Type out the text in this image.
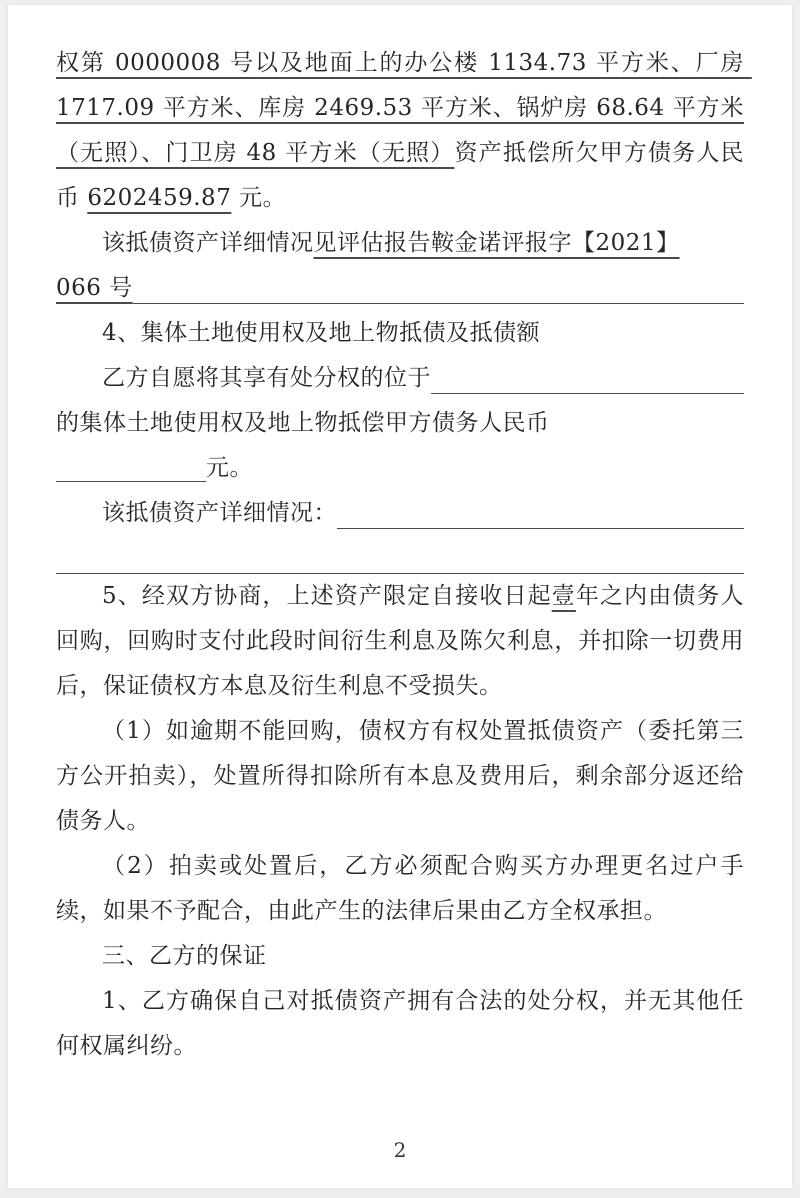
权第 0000008 号以及地面上的办公楼 1134.73 平方米、厂房 1717.09 平方米、库房 2469.53 平方米、锅炉房 68.64 平方米（无照）、门卫房 48 平方米（无照）资产抵偿所欠甲方债务人民币 6202459.87 元。
该抵债资产详细情况见评估报告鞍金诺评报字【2021】
066 号
4、集体土地使用权及地上物抵债及抵债额
乙方自愿将其享有处分权的位于
的集体土地使用权及地上物抵偿甲方债务人民币
元。
该抵债资产详细情况：
5、经双方协商，上述资产限定自接收日起壹年之内由债务人回购，回购时支付此段时间衍生利息及陈欠利息，并扣除一切费用后，保证债权方本息及衍生利息不受损失。
（1）如逾期不能回购，债权方有权处置抵债资产（委托第三方公开拍卖），处置所得扣除所有本息及费用后，剩余部分返还给债务人。
（2）拍卖或处置后，乙方必须配合购买方办理更名过户手续，如果不予配合，由此产生的法律后果由乙方全权承担。
三、乙方的保证
1、乙方确保自己对抵债资产拥有合法的处分权，并无其他任何权属纠纷。
2
